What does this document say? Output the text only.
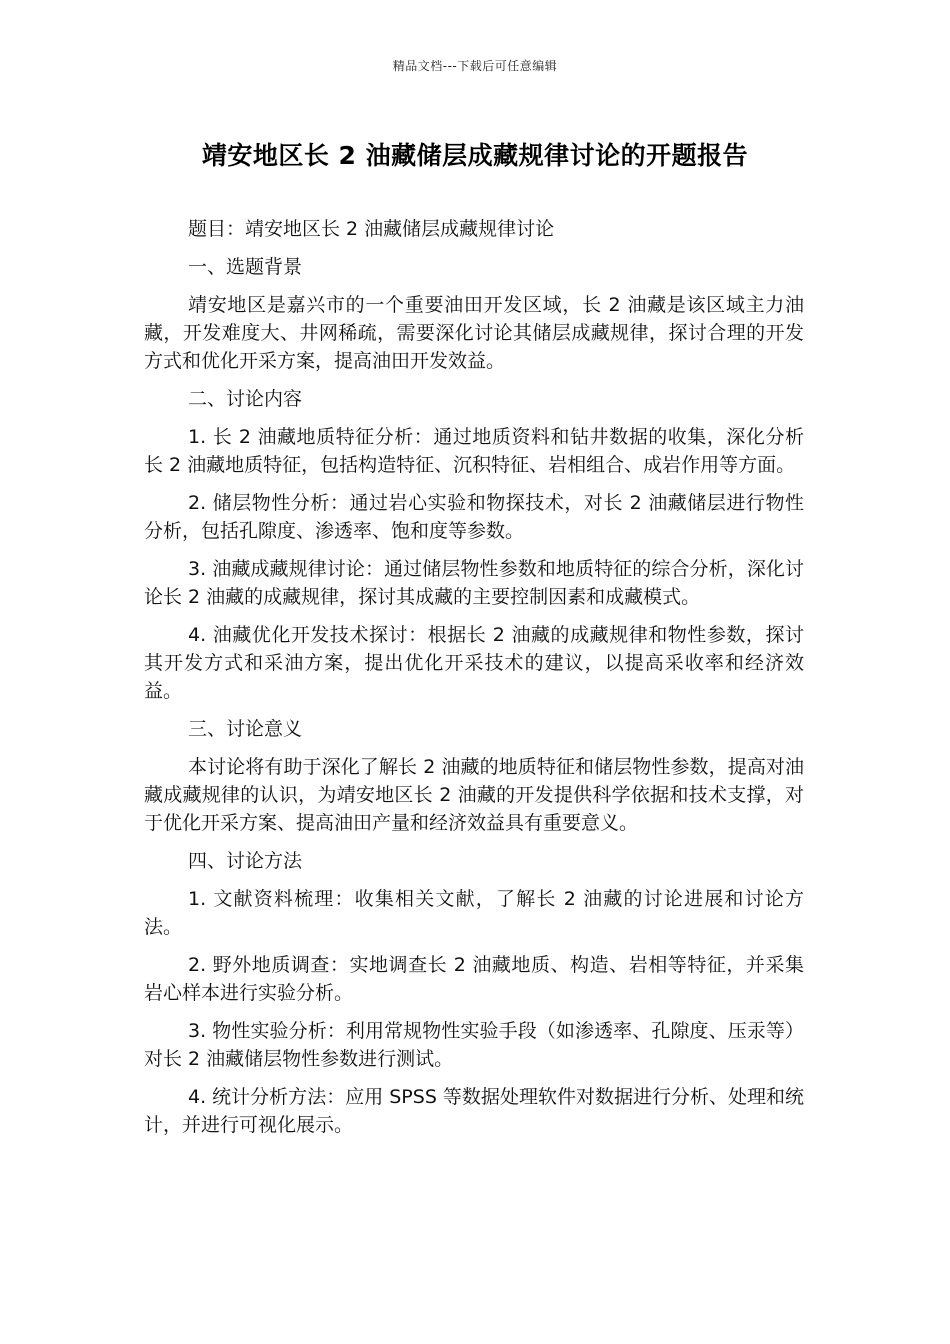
精品文档---下载后可任意编辑
靖安地区长 2 油藏储层成藏规律讨论的开题报告

题目：靖安地区长 2 油藏储层成藏规律讨论

一、选题背景

靖安地区是嘉兴市的一个重要油田开发区域，长 2 油藏是该区域主力油藏，开发难度大、井网稀疏，需要深化讨论其储层成藏规律，探讨合理的开发方式和优化开采方案，提高油田开发效益。

二、讨论内容

1. 长 2 油藏地质特征分析：通过地质资料和钻井数据的收集，深化分析长 2 油藏地质特征，包括构造特征、沉积特征、岩相组合、成岩作用等方面。

2. 储层物性分析：通过岩心实验和物探技术，对长 2 油藏储层进行物性分析，包括孔隙度、渗透率、饱和度等参数。

3. 油藏成藏规律讨论：通过储层物性参数和地质特征的综合分析，深化讨论长 2 油藏的成藏规律，探讨其成藏的主要控制因素和成藏模式。

4. 油藏优化开发技术探讨：根据长 2 油藏的成藏规律和物性参数，探讨其开发方式和采油方案，提出优化开采技术的建议，以提高采收率和经济效益。

三、讨论意义

本讨论将有助于深化了解长 2 油藏的地质特征和储层物性参数，提高对油藏成藏规律的认识，为靖安地区长 2 油藏的开发提供科学依据和技术支撑，对于优化开采方案、提高油田产量和经济效益具有重要意义。

四、讨论方法

1. 文献资料梳理：收集相关文献，了解长 2 油藏的讨论进展和讨论方法。

2. 野外地质调查：实地调查长 2 油藏地质、构造、岩相等特征，并采集岩心样本进行实验分析。

3. 物性实验分析：利用常规物性实验手段（如渗透率、孔隙度、压汞等）对长 2 油藏储层物性参数进行测试。

4. 统计分析方法：应用 SPSS 等数据处理软件对数据进行分析、处理和统计，并进行可视化展示。
